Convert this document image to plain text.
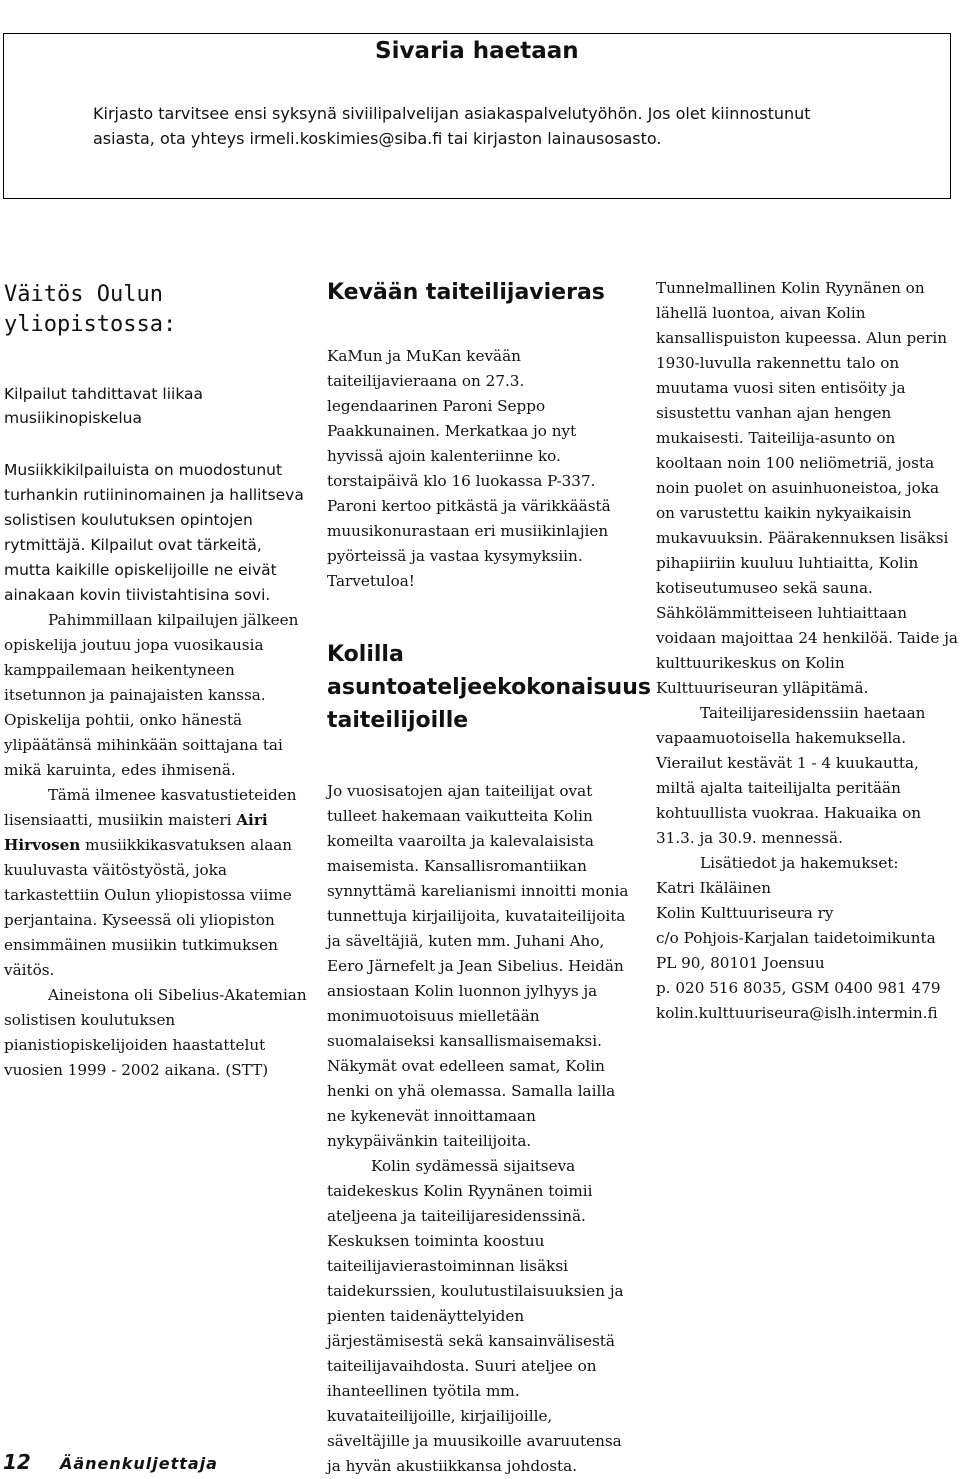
Sivaria haetaan
Kirjasto tarvitsee ensi syksynä siviilipalvelijan asiakaspalvelutyöhön. Jos olet kiinnostunut asiasta, ota yhteys irmeli.koskimies@siba.fi tai kirjaston lainausosasto.
Väitös Oulun yliopistossa:
Kilpailut tahdittavat liikaa musiikinopiskelua

Musiikkikilpailuista on muodostunut turhankin rutiininomainen ja hallitseva solistisen koulutuksen opintojen rytmittäjä. Kilpailut ovat tärkeitä, mutta kaikille opiskelijoille ne eivät ainakaan kovin tiivistahtisina sovi.

Pahimmillaan kilpailujen jälkeen opiskelija joutuu jopa vuosikausia kamppailemaan heikentyneen itsetunnon ja painajaisten kanssa. Opiskelija pohtii, onko hänestä ylipäätänsä mihinkään soittajana tai mikä karuinta, edes ihmisenä.

Tämä ilmenee kasvatustieteiden lisensiaatti, musiikin maisteri Airi Hirvosen musiikkikasvatuksen alaan kuuluvasta väitöstyöstä, joka tarkastettiin Oulun yliopistossa viime perjantaina. Kyseessä oli yliopiston ensimmäinen musiikin tutkimuksen väitös.

Aineistona oli Sibelius-Akatemian solistisen koulutuksen pianistiopiskelijoiden haastattelut vuosien 1999 - 2002 aikana. (STT)

Kevään taiteilijavieras

KaMun ja MuKan kevään taiteilijavieraana on 27.3. legendaarinen Paroni Seppo Paakkunainen. Merkatkaa jo nyt hyvissä ajoin kalenteriinne ko. torstaipäivä klo 16 luokassa P-337. Paroni kertoo pitkästä ja värikkäästä muusikonurastaan eri musiikinlajien pyörteissä ja vastaa kysymyksiin. Tarvetuloa!

Kolilla asuntoateljeekokonaisuus taiteilijoille

Jo vuosisatojen ajan taiteilijat ovat tulleet hakemaan vaikutteita Kolin komeilta vaaroilta ja kalevalaisista maisemista. Kansallisromantiikan synnyttämä karelianismi innoitti monia tunnettuja kirjailijoita, kuvataiteilijoita ja säveltäjiä, kuten mm. Juhani Aho, Eero Järnefelt ja Jean Sibelius. Heidän ansiostaan Kolin luonnon jylhyys ja monimuotoisuus mielletään suomalaiseksi kansallismaisemaksi. Näkymät ovat edelleen samat, Kolin henki on yhä olemassa. Samalla lailla ne kykenevät innoittamaan nykypäivänkin taiteilijoita.

Kolin sydämessä sijaitseva taidekeskus Kolin Ryynänen toimii ateljeena ja taiteilijaresidenssinä. Keskuksen toiminta koostuu taiteilijavierastoiminnan lisäksi taidekurssien, koulutustilaisuuksien ja pienten taidenäyttelyiden järjestämisestä sekä kansainvälisestä taiteilijavaihdosta. Suuri ateljee on ihanteellinen työtila mm. kuvataiteilijoille, kirjailijoille, säveltäjille ja muusikoille avaruutensa ja hyvän akustiikkansa johdosta.

Tunnelmallinen Kolin Ryynänen on lähellä luontoa, aivan Kolin kansallispuiston kupeessa. Alun perin 1930-luvulla rakennettu talo on muutama vuosi siten entisöity ja sisustettu vanhan ajan hengen mukaisesti. Taiteilija-asunto on kooltaan noin 100 neliömetriä, josta noin puolet on asuinhuoneistoa, joka on varustettu kaikin nykyaikaisin mukavuuksin. Päärakennuksen lisäksi pihapiiriin kuuluu luhtiaitta, Kolin kotiseutumuseo sekä sauna. Sähkölämmitteiseen luhtiaittaan voidaan majoittaa 24 henkilöä. Taide ja kulttuurikeskus on Kolin Kulttuuriseuran ylläpitämä.

Taiteilijaresidenssiin haetaan vapaamuotoisella hakemuksella. Vierailut kestävät 1 - 4 kuukautta, miltä ajalta taiteilijalta peritään kohtuullista vuokraa. Hakuaika on 31.3. ja 30.9. mennessä.

Lisätiedot ja hakemukset:

Katri Ikäläinen

Kolin Kulttuuriseura ry

c/o Pohjois-Karjalan taidetoimikunta

PL 90, 80101 Joensuu

p. 020 516 8035, GSM 0400 981 479

kolin.kulttuuriseura@islh.intermin.fi

12 Äänenkuljettaja
